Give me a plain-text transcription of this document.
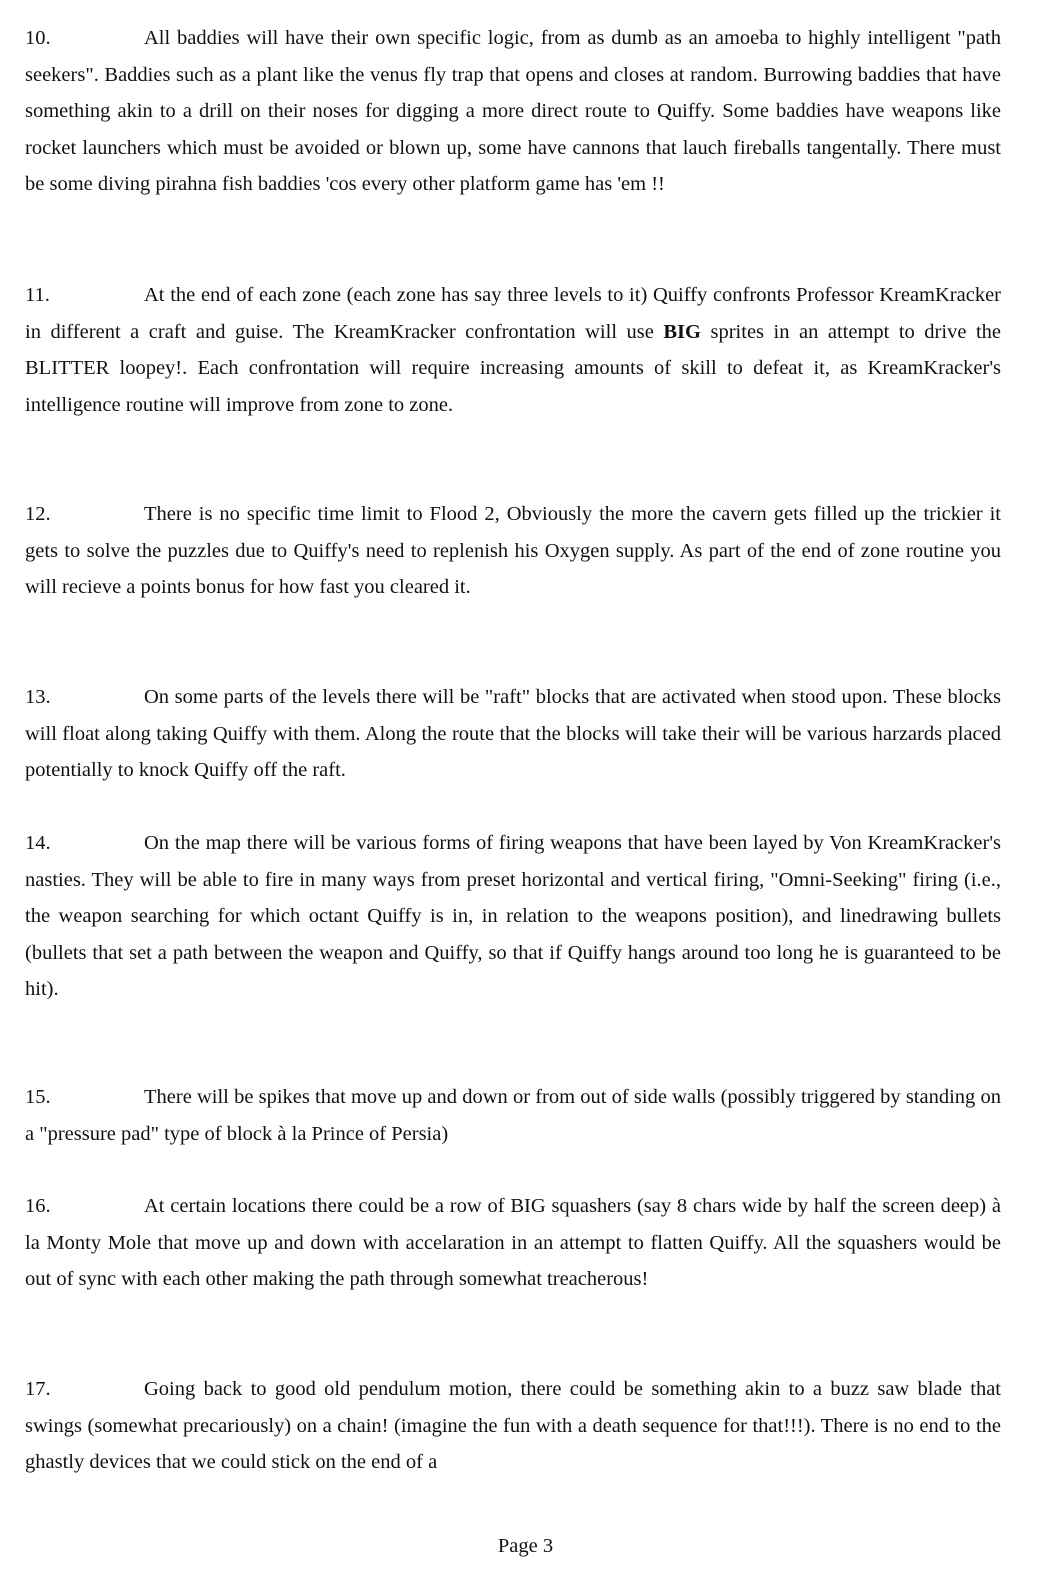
10.	All baddies will have their own specific logic, from as dumb as an amoeba to highly intelligent "path seekers". Baddies such as a plant like the venus fly trap that opens and closes at random. Burrowing baddies that have something akin to a drill on their noses for digging a more direct route to Quiffy. Some baddies have weapons like rocket launchers which must be avoided or blown up, some have cannons that lauch fireballs tangentally. There must be some diving pirahna fish baddies 'cos every other platform game has 'em !!

11.	At the end of each zone (each zone has say three levels to it) Quiffy confronts Professor KreamKracker in different a craft and guise. The KreamKracker confrontation will use BIG sprites in an attempt to drive the BLITTER loopey!. Each confrontation will require increasing amounts of skill to defeat it, as KreamKracker's intelligence routine will improve from zone to zone.

12.	There is no specific time limit to Flood 2, Obviously the more the cavern gets filled up the trickier it gets to solve the puzzles due to Quiffy's need to replenish his Oxygen supply. As part of the end of zone routine you will recieve a points bonus for how fast you cleared it.

13.	On some parts of the levels there will be "raft" blocks that are activated when stood upon. These blocks will float along taking Quiffy with them. Along the route that the blocks will take their will be various harzards placed potentially to knock Quiffy off the raft.

14.	On the map there will be various forms of firing weapons that have been layed by Von KreamKracker's nasties. They will be able to fire in many ways from preset horizontal and vertical firing, "Omni-Seeking" firing (i.e., the weapon searching for which octant Quiffy is in, in relation to the weapons position), and linedrawing bullets (bullets that set a path between the weapon and Quiffy, so that if Quiffy hangs around too long he is guaranteed to be hit).

15.	There will be spikes that move up and down or from out of side walls (possibly triggered by standing on a "pressure pad" type of block à la Prince of Persia)

16.	At certain locations there could be a row of BIG squashers (say 8 chars wide by half the screen deep) à la Monty Mole that move up and down with accelaration in an attempt to flatten Quiffy. All the squashers would be out of sync with each other making the path through somewhat treacherous!

17.	Going back to good old pendulum motion, there could be something akin to a buzz saw blade that swings (somewhat precariously) on a chain! (imagine the fun with a death sequence for that!!!). There is no end to the ghastly devices that we could stick on the end of a

Page 3
